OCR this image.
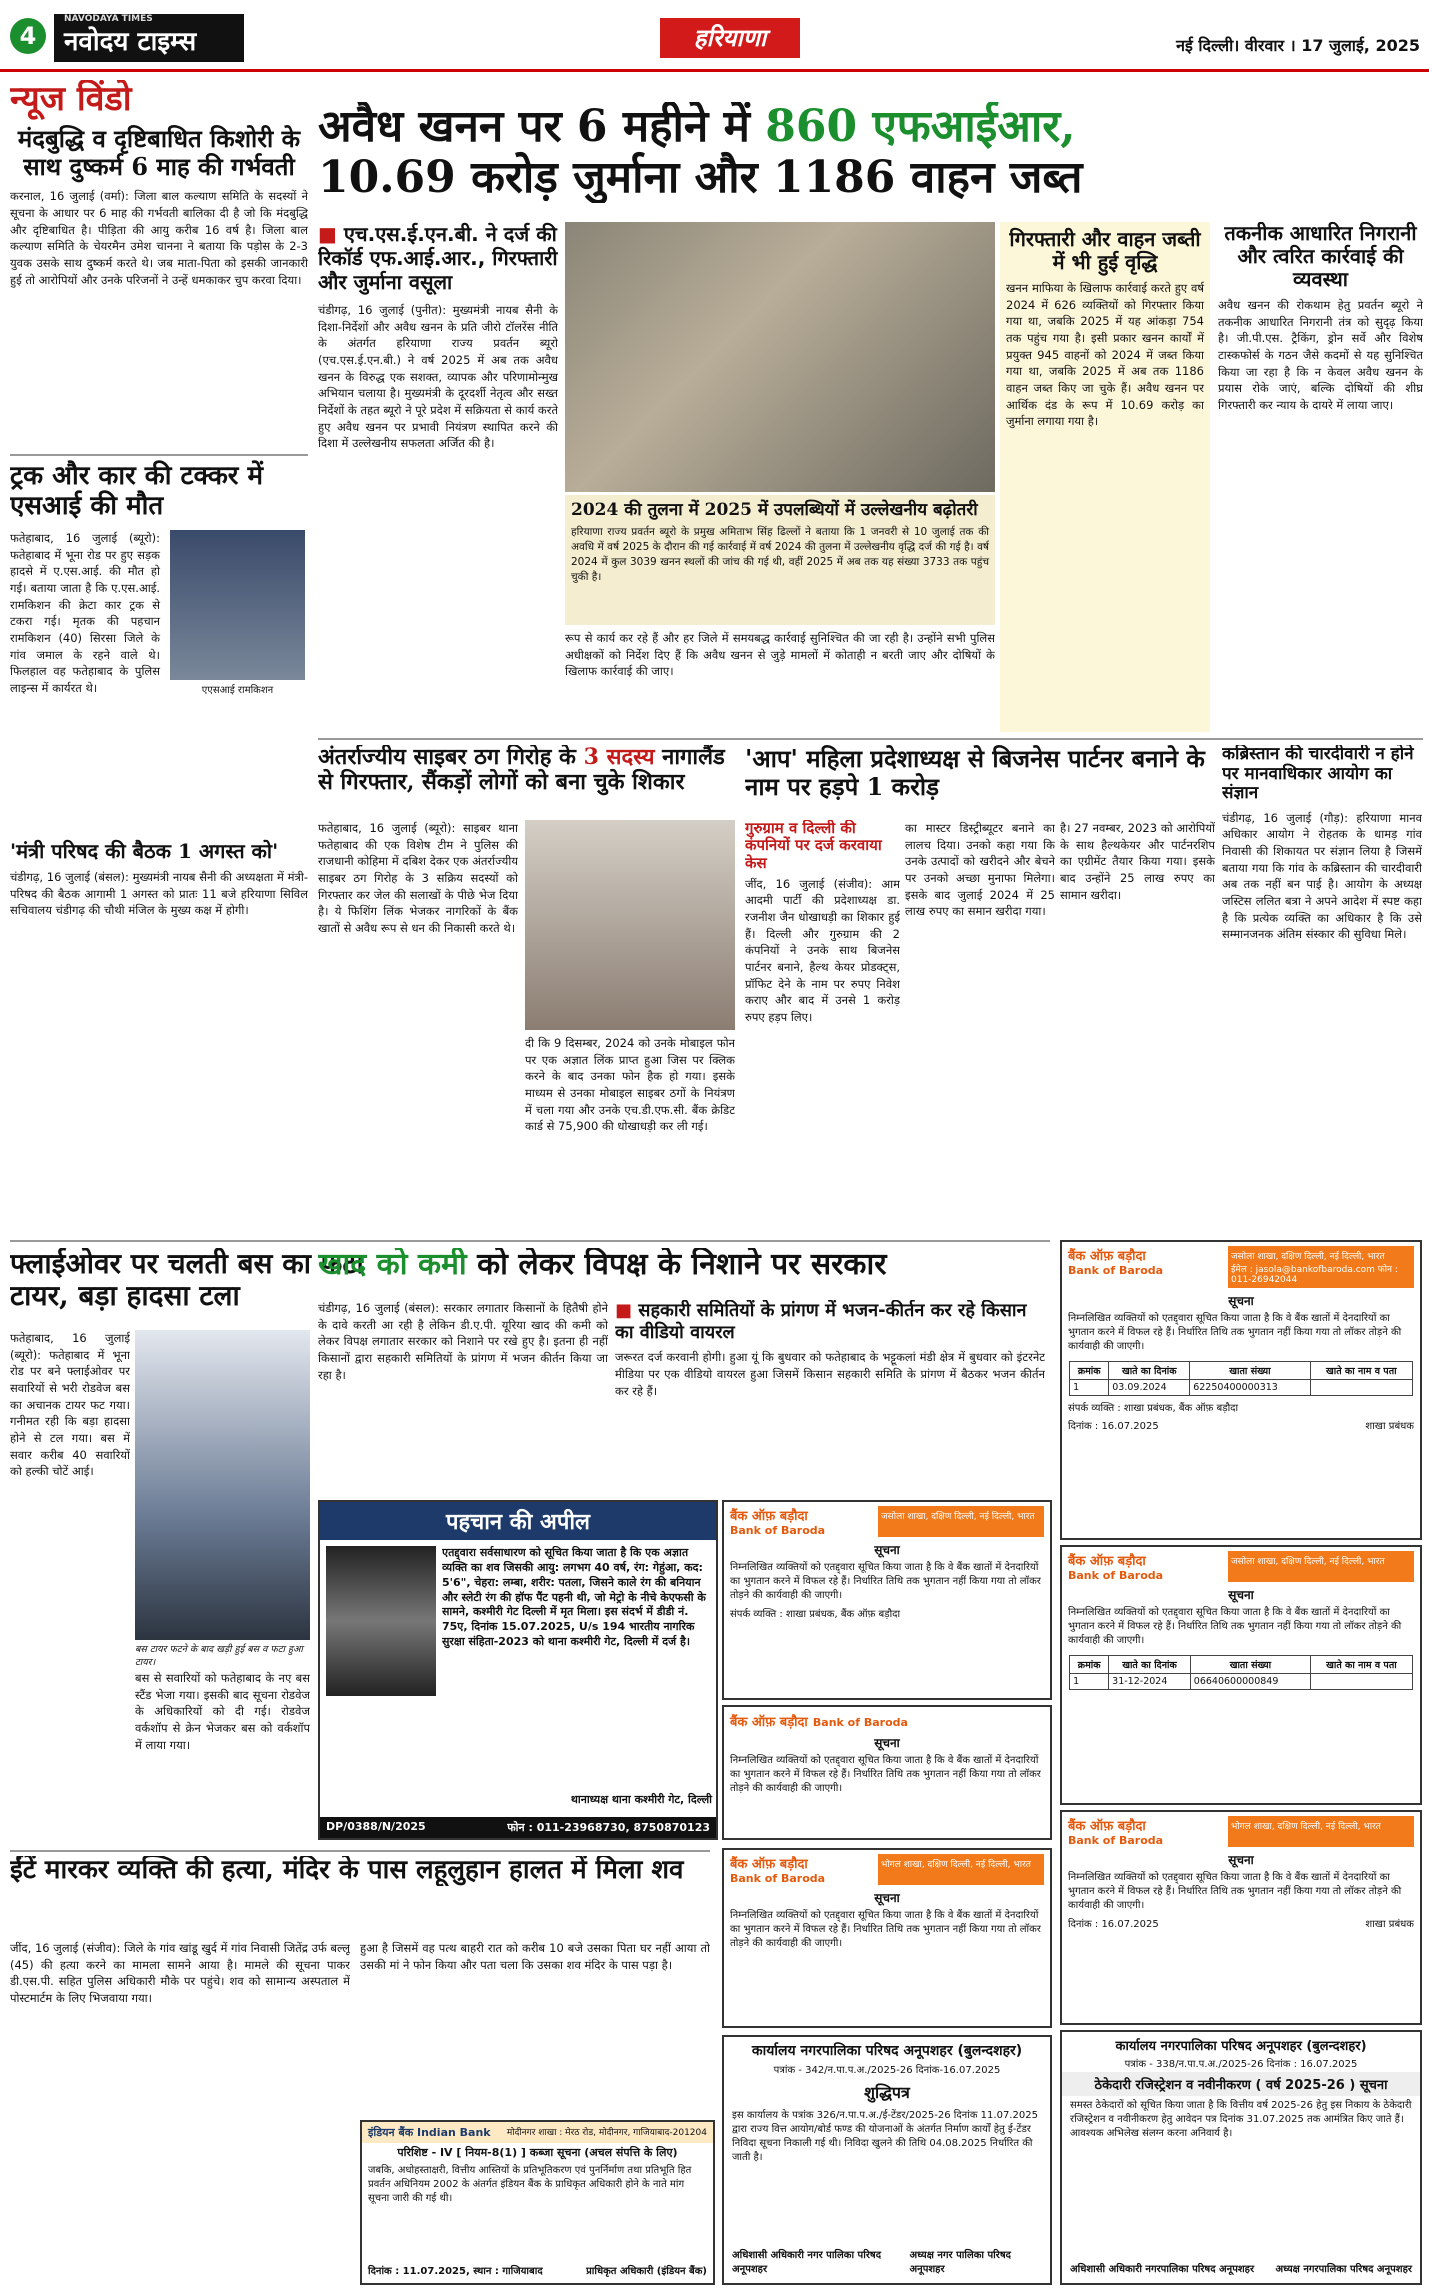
4
NAVODAYA TIMES
नवोदय टाइम्स	हरियाणा	नई दिल्ली। वीरवार । 17 जुलाई, 2025
न्यूज विंडो
मंदबुद्धि व दृष्टिबाधित किशोरी के साथ दुष्कर्म 6 माह की गर्भवती
करनाल, 16 जुलाई (वर्मा): जिला बाल कल्याण समिति के सदस्यों ने सूचना के आधार पर 6 माह की गर्भवती बालिका दी है जो कि मंदबुद्धि और दृष्टिबाधित है। पीड़िता की आयु करीब 16 वर्ष है। जिला बाल कल्याण समिति के चेयरमैन उमेश चानना ने बताया कि पड़ोस के 2-3 युवक उसके साथ दुष्कर्म करते थे। जब माता-पिता को इसकी जानकारी हुई तो आरोपियों और उनके परिजनों ने उन्हें धमकाकर चुप करवा दिया।
ट्रक और कार की टक्कर में एसआई की मौत
फतेहाबाद, 16 जुलाई (ब्यूरो): फतेहाबाद में भूना रोड पर हुए सड़क हादसे में ए.एस.आई. की मौत हो गई। बताया जाता है कि ए.एस.आई. रामकिशन की क्रेटा कार ट्रक से टकरा गई। मृतक की पहचान रामकिशन (40) सिरसा जिले के गांव जमाल के रहने वाले थे। फिलहाल वह फतेहाबाद के पुलिस लाइन्स में कार्यरत थे।	एएसआई रामकिशन
'मंत्री परिषद की बैठक 1 अगस्त को'
चंडीगढ़, 16 जुलाई (बंसल): मुख्यमंत्री नायब सैनी की अध्यक्षता में मंत्री-परिषद की बैठक आगामी 1 अगस्त को प्रातः 11 बजे हरियाणा सिविल सचिवालय चंडीगढ़ की चौथी मंजिल के मुख्य कक्ष में होगी।
अवैध खनन पर 6 महीने में 860 एफआईआर,
10.69 करोड़ जुर्माना और 1186 वाहन जब्त
■ एच.एस.ई.एन.बी. ने दर्ज की रिकॉर्ड एफ.आई.आर., गिरफ्तारी और जुर्माना वसूला
चंडीगढ़, 16 जुलाई (पुनीत): मुख्यमंत्री नायब सैनी के दिशा-निर्देशों और अवैध खनन के प्रति जीरो टॉलरेंस नीति के अंतर्गत हरियाणा राज्य प्रवर्तन ब्यूरो (एच.एस.ई.एन.बी.) ने वर्ष 2025 में अब तक अवैध खनन के विरुद्ध एक सशक्त, व्यापक और परिणामोन्मुख अभियान चलाया है। मुख्यमंत्री के दूरदर्शी नेतृत्व और सख्त निर्देशों के तहत ब्यूरो ने पूरे प्रदेश में सक्रियता से कार्य करते हुए अवैध खनन पर प्रभावी नियंत्रण स्थापित करने की दिशा में उल्लेखनीय सफलता अर्जित की है।
2024 की तुलना में 2025 में उपलब्धियों में उल्लेखनीय बढ़ोतरी
हरियाणा राज्य प्रवर्तन ब्यूरो के प्रमुख अमिताभ सिंह ढिल्लों ने बताया कि 1 जनवरी से 10 जुलाई तक की अवधि में वर्ष 2025 के दौरान की गई कार्रवाई में वर्ष 2024 की तुलना में उल्लेखनीय वृद्धि दर्ज की गई है। वर्ष 2024 में कुल 3039 खनन स्थलों की जांच की गई थी, वहीं 2025 में अब तक यह संख्या 3733 तक पहुंच चुकी है।
रूप से कार्य कर रहे हैं और हर जिले में समयबद्ध कार्रवाई सुनिश्चित की जा रही है। उन्होंने सभी पुलिस अधीक्षकों को निर्देश दिए हैं कि अवैध खनन से जुड़े मामलों में कोताही न बरती जाए और दोषियों के खिलाफ कार्रवाई की जाए।
गिरफ्तारी और वाहन जब्ती में भी हुई वृद्धि
खनन माफिया के खिलाफ कार्रवाई करते हुए वर्ष 2024 में 626 व्यक्तियों को गिरफ्तार किया गया था, जबकि 2025 में यह आंकड़ा 754 तक पहुंच गया है। इसी प्रकार खनन कार्यों में प्रयुक्त 945 वाहनों को 2024 में जब्त किया गया था, जबकि 2025 में अब तक 1186 वाहन जब्त किए जा चुके हैं। अवैध खनन पर आर्थिक दंड के रूप में 10.69 करोड़ का जुर्माना लगाया गया है।
तकनीक आधारित निगरानी और त्वरित कार्रवाई की व्यवस्था
अवैध खनन की रोकथाम हेतु प्रवर्तन ब्यूरो ने तकनीक आधारित निगरानी तंत्र को सुदृढ़ किया है। जी.पी.एस. ट्रैकिंग, ड्रोन सर्वे और विशेष टास्कफोर्स के गठन जैसे कदमों से यह सुनिश्चित किया जा रहा है कि न केवल अवैध खनन के प्रयास रोके जाएं, बल्कि दोषियों की शीघ्र गिरफ्तारी कर न्याय के दायरे में लाया जाए।
अंतर्राज्यीय साइबर ठग गिरोह के 3 सदस्य नागालैंड से गिरफ्तार, सैंकड़ों लोगों को बना चुके शिकार
फतेहाबाद, 16 जुलाई (ब्यूरो): साइबर थाना फतेहाबाद की एक विशेष टीम ने पुलिस की राजधानी कोहिमा में दबिश देकर एक अंतर्राज्यीय साइबर ठग गिरोह के 3 सक्रिय सदस्यों को गिरफ्तार कर जेल की सलाखों के पीछे भेज दिया है। ये फिशिंग लिंक भेजकर नागरिकों के बैंक खातों से अवैध रूप से धन की निकासी करते थे।
दी कि 9 दिसम्बर, 2024 को उनके मोबाइल फोन पर एक अज्ञात लिंक प्राप्त हुआ जिस पर क्लिक करने के बाद उनका फोन हैक हो गया। इसके माध्यम से उनका मोबाइल साइबर ठगों के नियंत्रण में चला गया और उनके एच.डी.एफ.सी. बैंक क्रेडिट कार्ड से 75,900 की धोखाधड़ी कर ली गई।
'आप' महिला प्रदेशाध्यक्ष से बिजनेस पार्टनर बनाने के नाम पर हड़पे 1 करोड़
गुरुग्राम व दिल्ली की कंपनियों पर दर्ज करवाया केस
जींद, 16 जुलाई (संजीव): आम आदमी पार्टी की प्रदेशाध्यक्ष डा. रजनीश जैन धोखाधड़ी का शिकार हुई हैं। दिल्ली और गुरुग्राम की 2 कंपनियों ने उनके साथ बिजनेस पार्टनर बनाने, हैल्थ केयर प्रोडक्ट्स, प्रॉफिट देने के नाम पर रुपए निवेश कराए और बाद में उनसे 1 करोड़ रुपए हड़प लिए।
का मास्टर डिस्ट्रीब्यूटर बनाने का लालच दिया। उनको कहा गया कि उनके उत्पादों को खरीदने और बेचने पर उनको अच्छा मुनाफा मिलेगा। इसके बाद जुलाई 2024 में 25 लाख रुपए का समान खरीदा गया।
है। 27 नवम्बर, 2023 को आरोपियों के साथ हैल्थकेयर और पार्टनरशिप का एग्रीमेंट तैयार किया गया। इसके बाद उन्होंने 25 लाख रुपए का सामान खरीदा।
कब्रिस्तान की चारदीवारी न होने पर मानवाधिकार आयोग का संज्ञान
चंडीगढ़, 16 जुलाई (गौड़): हरियाणा मानव अधिकार आयोग ने रोहतक के धामड़ गांव निवासी की शिकायत पर संज्ञान लिया है जिसमें बताया गया कि गांव के कब्रिस्तान की चारदीवारी अब तक नहीं बन पाई है। आयोग के अध्यक्ष जस्टिस ललित बत्रा ने अपने आदेश में स्पष्ट कहा है कि प्रत्येक व्यक्ति का अधिकार है कि उसे सम्मानजनक अंतिम संस्कार की सुविधा मिले।
फ्लाईओवर पर चलती बस का फटा टायर, बड़ा हादसा टला
फतेहाबाद, 16 जुलाई (ब्यूरो): फतेहाबाद में भूना रोड पर बने फ्लाईओवर पर सवारियों से भरी रोडवेज बस का अचानक टायर फट गया। गनीमत रही कि बड़ा हादसा होने से टल गया। बस में सवार करीब 40 सवारियों को हल्की चोटें आई।
बस टायर फटने के बाद खड़ी हुई बस व फटा हुआ टायर।
बस से सवारियों को फतेहाबाद के नए बस स्टैंड भेजा गया। इसकी बाद सूचना रोडवेज के अधिकारियों को दी गई। रोडवेज वर्कशॉप से क्रेन भेजकर बस को वर्कशॉप में लाया गया।
खाद को कमी को लेकर विपक्ष के निशाने पर सरकार
चंडीगढ़, 16 जुलाई (बंसल): सरकार लगातार किसानों के हितैषी होने के दावे करती आ रही है लेकिन डी.ए.पी. यूरिया खाद की कमी को लेकर विपक्ष लगातार सरकार को निशाने पर रखे हुए है। इतना ही नहीं किसानों द्वारा सहकारी समितियों के प्रांगण में भजन कीर्तन किया जा रहा है।
■ सहकारी समितियों के प्रांगण में भजन-कीर्तन कर रहे किसान का वीडियो वायरल
जरूरत दर्ज करवानी होगी। हुआ यूं कि बुधवार को फतेहाबाद के भट्टूकलां मंडी क्षेत्र में बुधवार को इंटरनेट मीडिया पर एक वीडियो वायरल हुआ जिसमें किसान सहकारी समिति के प्रांगण में बैठकर भजन कीर्तन कर रहे हैं।
पहचान की अपील
एतद्द्वारा सर्वसाधारण को सूचित किया जाता है कि एक अज्ञात व्यक्ति का शव जिसकी आयु: लगभग 40 वर्ष, रंग: गेहुंआ, कद: 5'6", चेहरा: लम्बा, शरीर: पतला, जिसने काले रंग की बनियान और स्लेटी रंग की हॉफ पैंट पहनी थी, जो मेट्रो के नीचे केएफसी के सामने, कश्मीरी गेट दिल्ली में मृत मिला। इस संदर्भ में डीडी नं. 75ए, दिनांक 15.07.2025, U/s 194 भारतीय नागरिक सुरक्षा संहिता-2023 को थाना कश्मीरी गेट, दिल्ली में दर्ज है।
थानाध्यक्ष थाना कश्मीरी गेट, दिल्ली
DP/0388/N/2025	फोन : 011-23968730, 8750870123
ईंटें मारकर व्यक्ति की हत्या, मंदिर के पास लहूलुहान हालत में मिला शव
जींद, 16 जुलाई (संजीव): जिले के गांव खांडू खुर्द में गांव निवासी जितेंद्र उर्फ बल्लू (45) की हत्या करने का मामला सामने आया है। मामले की सूचना पाकर डी.एस.पी. सहित पुलिस अधिकारी मौके पर पहुंचे। शव को सामान्य अस्पताल में पोस्टमार्टम के लिए भिजवाया गया।
हुआ है जिसमें वह पत्थ बाहरी रात को करीब 10 बजे उसका पिता घर नहीं आया तो उसकी मां ने फोन किया और पता चला कि उसका शव मंदिर के पास पड़ा है।
बैंक ऑफ़ बड़ौदा
Bank of Baroda
जसोला शाखा, दक्षिण दिल्ली, नई दिल्ली, भारत
ईमेल : jasola@bankofbaroda.com फोन : 011-26942044
सूचना
निम्नलिखित व्यक्तियों को एतद्द्वारा सूचित किया जाता है कि वे बैंक खातों में देनदारियों का भुगतान करने में विफल रहे हैं। निर्धारित तिथि तक भुगतान नहीं किया गया तो लॉकर तोड़ने की कार्यवाही की जाएगी।
क्रमांक	खाते का दिनांक	खाता संख्या	खाते का नाम व पता
1	03.09.2024	62250400000313	
संपर्क व्यक्ति : शाखा प्रबंधक, बैंक ऑफ़ बड़ौदा
दिनांक : 16.07.2025	शाखा प्रबंधक
बैंक ऑफ़ बड़ौदा
Bank of Baroda
जसोला शाखा, दक्षिण दिल्ली, नई दिल्ली, भारत
सूचना
निम्नलिखित व्यक्तियों को एतद्द्वारा सूचित किया जाता है कि वे बैंक खातों में देनदारियों का भुगतान करने में विफल रहे हैं। निर्धारित तिथि तक भुगतान नहीं किया गया तो लॉकर तोड़ने की कार्यवाही की जाएगी।
क्रमांक	खाते का दिनांक	खाता संख्या	खाते का नाम व पता
1	31-12-2024	06640600000849	
बैंक ऑफ़ बड़ौदा
Bank of Baroda
भोगल शाखा, दक्षिण दिल्ली, नई दिल्ली, भारत
सूचना
निम्नलिखित व्यक्तियों को एतद्द्वारा सूचित किया जाता है कि वे बैंक खातों में देनदारियों का भुगतान करने में विफल रहे हैं। निर्धारित तिथि तक भुगतान नहीं किया गया तो लॉकर तोड़ने की कार्यवाही की जाएगी।
दिनांक : 16.07.2025	शाखा प्रबंधक
बैंक ऑफ़ बड़ौदा
Bank of Baroda
जसोला शाखा, दक्षिण दिल्ली, नई दिल्ली, भारत
सूचना
निम्नलिखित व्यक्तियों को एतद्द्वारा सूचित किया जाता है कि वे बैंक खातों में देनदारियों का भुगतान करने में विफल रहे हैं। निर्धारित तिथि तक भुगतान नहीं किया गया तो लॉकर तोड़ने की कार्यवाही की जाएगी।
संपर्क व्यक्ति : शाखा प्रबंधक, बैंक ऑफ़ बड़ौदा
बैंक ऑफ़ बड़ौदा Bank of Baroda
सूचना
निम्नलिखित व्यक्तियों को एतद्द्वारा सूचित किया जाता है कि वे बैंक खातों में देनदारियों का भुगतान करने में विफल रहे हैं। निर्धारित तिथि तक भुगतान नहीं किया गया तो लॉकर तोड़ने की कार्यवाही की जाएगी।
बैंक ऑफ़ बड़ौदा
Bank of Baroda
भोगल शाखा, दक्षिण दिल्ली, नई दिल्ली, भारत
सूचना
निम्नलिखित व्यक्तियों को एतद्द्वारा सूचित किया जाता है कि वे बैंक खातों में देनदारियों का भुगतान करने में विफल रहे हैं। निर्धारित तिथि तक भुगतान नहीं किया गया तो लॉकर तोड़ने की कार्यवाही की जाएगी।
कार्यालय नगरपालिका परिषद अनूपशहर (बुलन्दशहर)
पत्रांक - 342/न.पा.प.अ./2025-26 दिनांक-16.07.2025
शुद्धिपत्र
इस कार्यालय के पत्रांक 326/न.पा.प.अ./ई-टेंडर/2025-26 दिनांक 11.07.2025 द्वारा राज्य वित्त आयोग/बोर्ड फण्ड की योजनाओं के अंतर्गत निर्माण कार्यों हेतु ई-टेंडर निविदा सूचना निकाली गई थी। निविदा खुलने की तिथि 04.08.2025 निर्धारित की जाती है।
अधिशासी अधिकारी नगर पालिका परिषद अनूपशहर
अध्यक्ष नगर पालिका परिषद अनूपशहर
कार्यालय नगरपालिका परिषद अनूपशहर (बुलन्दशहर)
पत्रांक - 338/न.पा.प.अ./2025-26 दिनांक : 16.07.2025
ठेकेदारी रजिस्ट्रेशन व नवीनीकरण ( वर्ष 2025-26 ) सूचना
समस्त ठेकेदारों को सूचित किया जाता है कि वित्तीय वर्ष 2025-26 हेतु इस निकाय के ठेकेदारी रजिस्ट्रेशन व नवीनीकरण हेतु आवेदन पत्र दिनांक 31.07.2025 तक आमंत्रित किए जाते हैं। आवश्यक अभिलेख संलग्न करना अनिवार्य है।
अधिशासी अधिकारी नगरपालिका परिषद अनूपशहर अध्यक्ष नगरपालिका परिषद अनूपशहर
इंडियन बैंक Indian Bank मोदीनगर शाखा : मेरठ रोड, मोदीनगर, गाजियाबाद-201204
परिशिष्ट - IV [ नियम-8(1) ] कब्जा सूचना (अचल संपत्ति के लिए)
जबकि, अधोहस्ताक्षरी, वित्तीय आस्तियों के प्रतिभूतिकरण एवं पुनर्निर्माण तथा प्रतिभूति हित प्रवर्तन अधिनियम 2002 के अंतर्गत इंडियन बैंक के प्राधिकृत अधिकारी होने के नाते मांग सूचना जारी की गई थी।
दिनांक : 11.07.2025, स्थान : गाजियाबाद	प्राधिकृत अधिकारी (इंडियन बैंक)
